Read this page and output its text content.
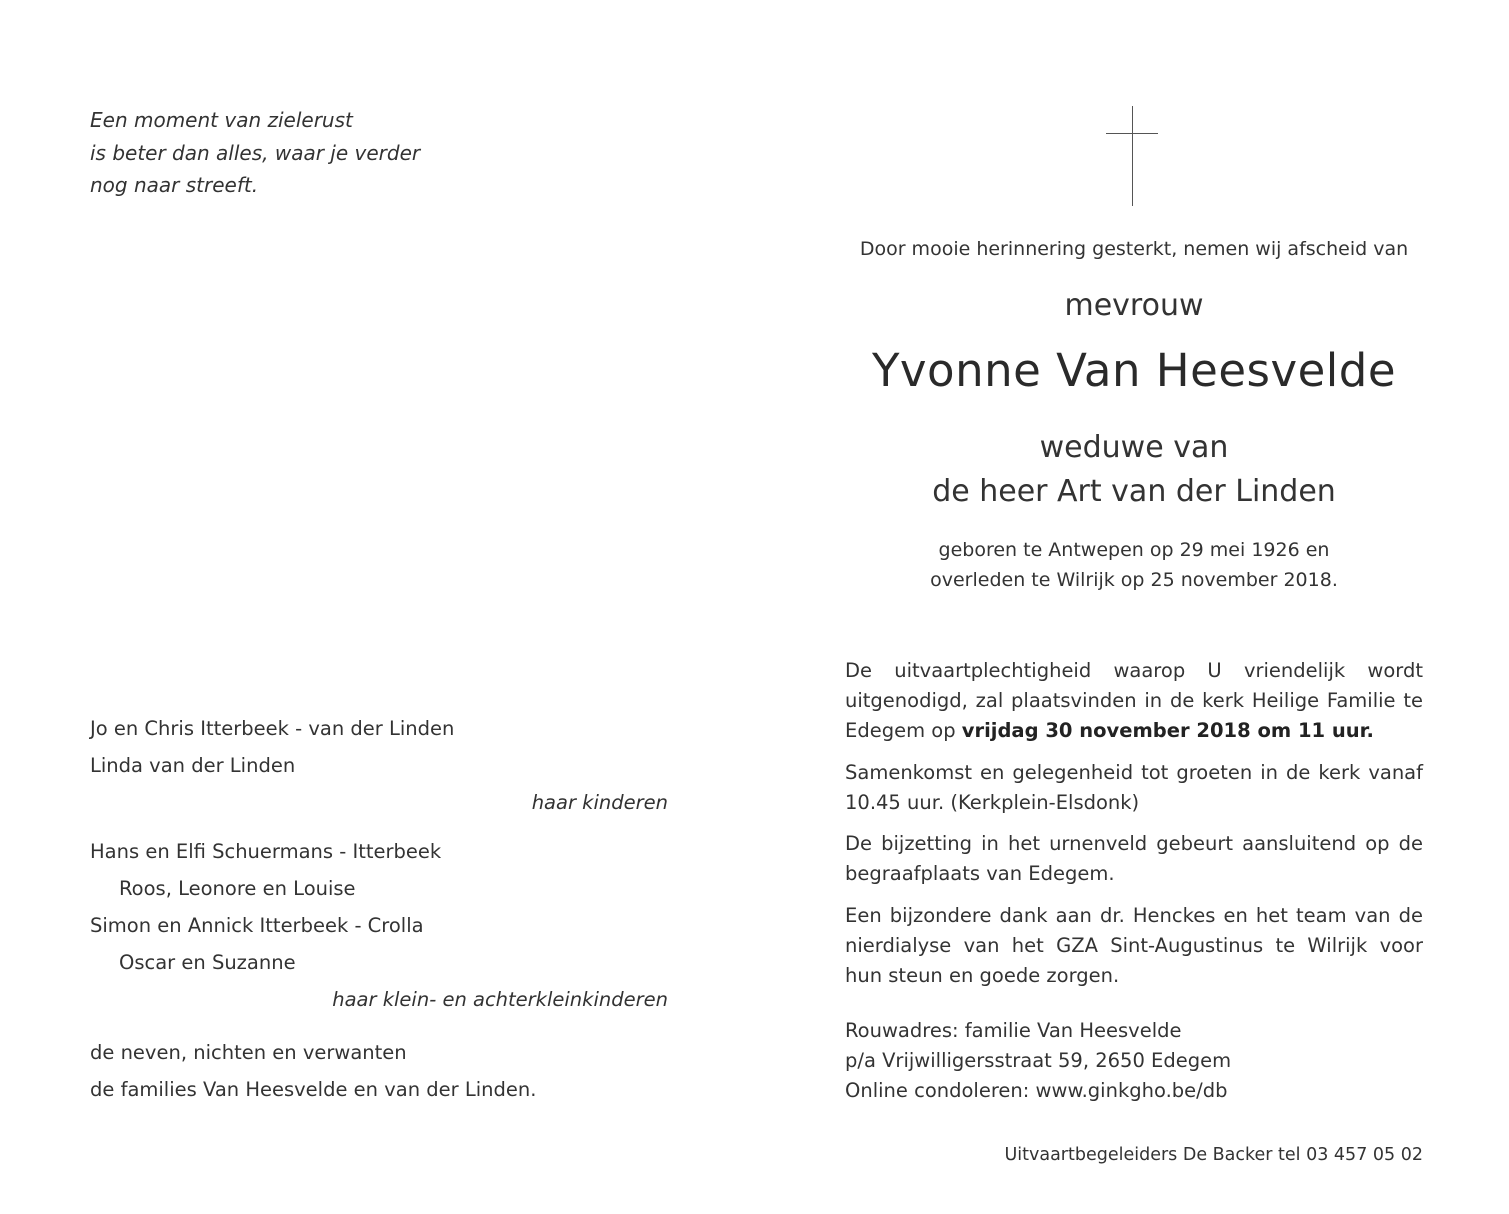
Een moment van zielerust
is beter dan alles, waar je verder
nog naar streeft.
Door mooie herinnering gesterkt, nemen wij afscheid van
mevrouw
Yvonne Van Heesvelde
weduwe van
de heer Art van der Linden
geboren te Antwepen op 29 mei 1926 en
overleden te Wilrijk op 25 november 2018.
De uitvaartplechtigheid waarop U vriendelijk wordt uitgenodigd, zal plaatsvinden in de kerk Heilige Familie te Edegem op vrijdag 30 november 2018 om 11 uur.
Samenkomst en gelegenheid tot groeten in de kerk vanaf 10.45 uur. (Kerkplein-Elsdonk)
De bijzetting in het urnenveld gebeurt aansluitend op de begraafplaats van Edegem.
Een bijzondere dank aan dr. Henckes en het team van de nierdialyse van het GZA Sint-Augustinus te Wilrijk voor hun steun en goede zorgen.
Rouwadres: familie Van Heesvelde
p/a Vrijwilligersstraat 59, 2650 Edegem
Online condoleren: www.ginkgho.be/db
Uitvaartbegeleiders De Backer tel 03 457 05 02
Jo en Chris Itterbeek - van der Linden
Linda van der Linden
haar kinderen
Hans en Elfi Schuermans - Itterbeek
Roos, Leonore en Louise
Simon en Annick Itterbeek - Crolla
Oscar en Suzanne
haar klein- en achterkleinkinderen
de neven, nichten en verwanten
de families Van Heesvelde en van der Linden.
